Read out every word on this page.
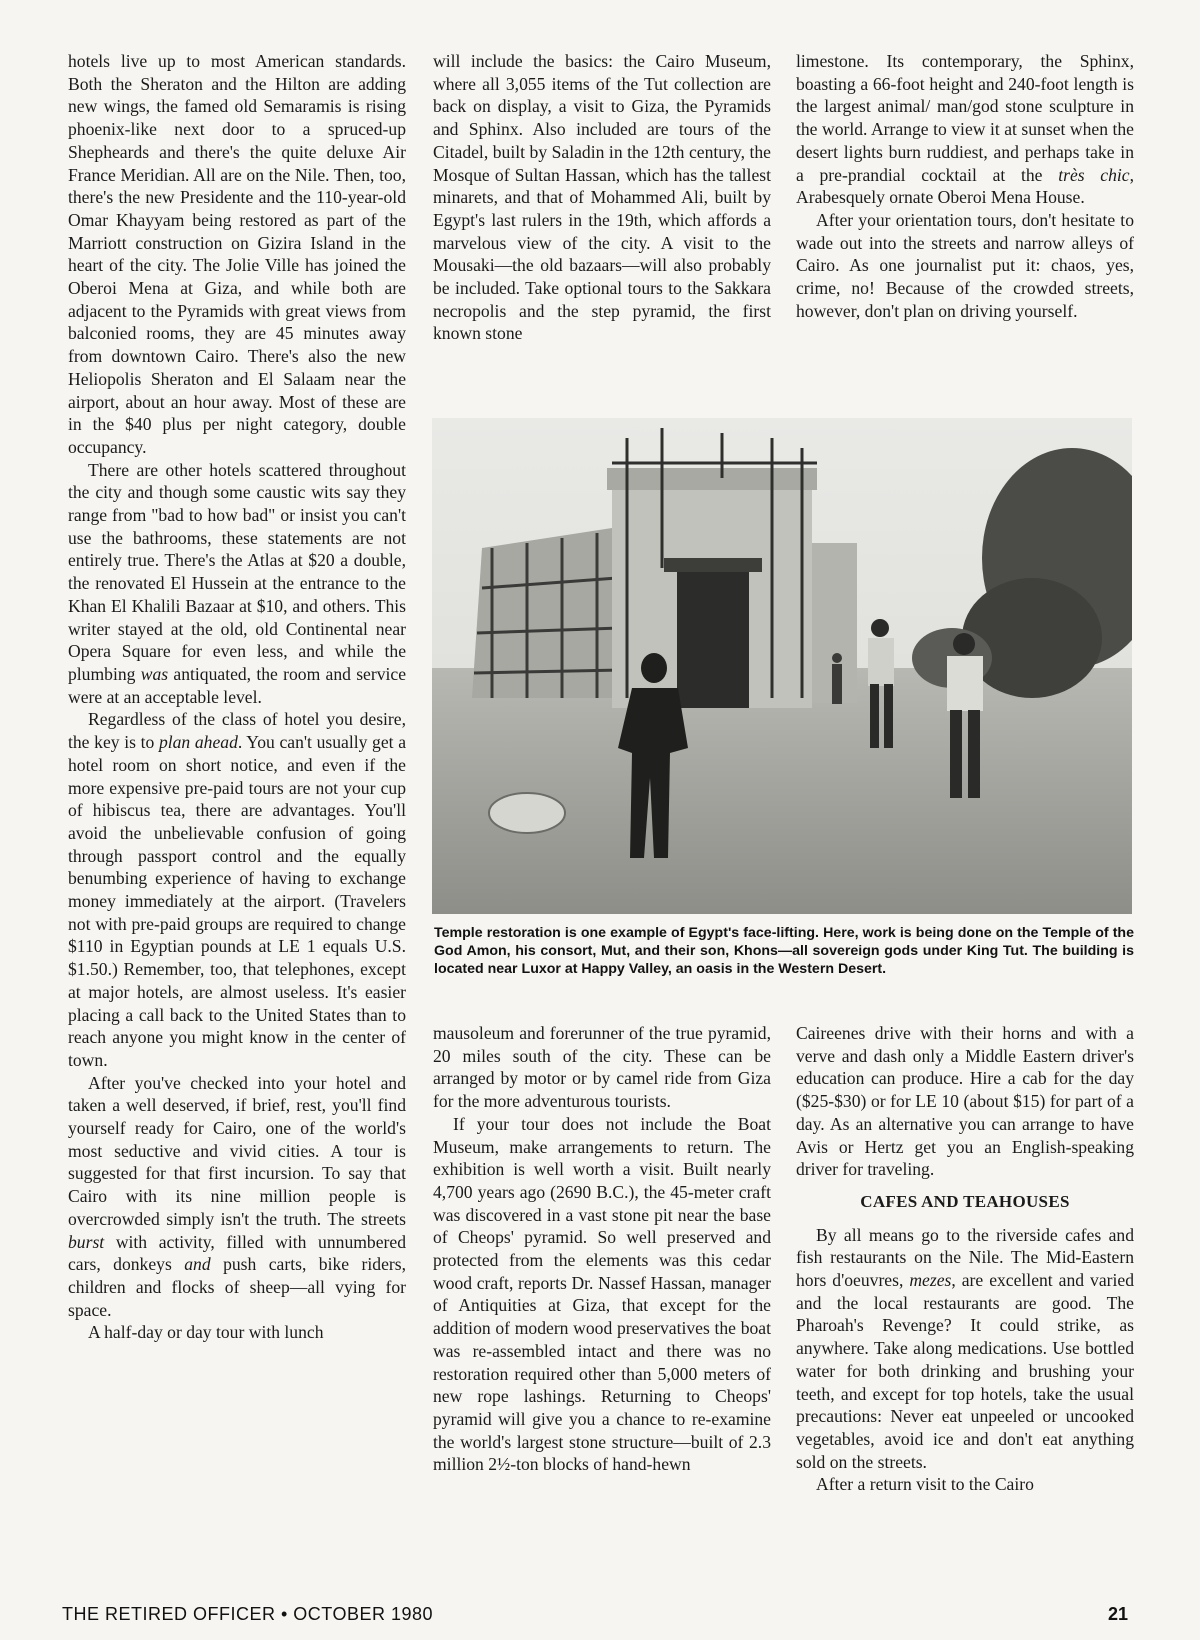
hotels live up to most American standards. Both the Sheraton and the Hilton are adding new wings, the famed old Semaramis is rising phoenix-like next door to a spruced-up Shepheards and there's the quite deluxe Air France Meridian. All are on the Nile. Then, too, there's the new Presidente and the 110-year-old Omar Khayyam being restored as part of the Marriott construction on Gizira Island in the heart of the city. The Jolie Ville has joined the Oberoi Mena at Giza, and while both are adjacent to the Pyramids with great views from balconied rooms, they are 45 minutes away from downtown Cairo. There's also the new Heliopolis Sheraton and El Salaam near the airport, about an hour away. Most of these are in the $40 plus per night category, double occupancy.

There are other hotels scattered throughout the city and though some caustic wits say they range from "bad to how bad" or insist you can't use the bathrooms, these statements are not entirely true. There's the Atlas at $20 a double, the renovated El Hussein at the entrance to the Khan El Khalili Bazaar at $10, and others. This writer stayed at the old, old Continental near Opera Square for even less, and while the plumbing was antiquated, the room and service were at an acceptable level.

Regardless of the class of hotel you desire, the key is to plan ahead. You can't usually get a hotel room on short notice, and even if the more expensive pre-paid tours are not your cup of hibiscus tea, there are advantages. You'll avoid the unbelievable confusion of going through passport control and the equally benumbing experience of having to exchange money immediately at the airport. (Travelers not with pre-paid groups are required to change $110 in Egyptian pounds at LE 1 equals U.S. $1.50.) Remember, too, that telephones, except at major hotels, are almost useless. It's easier placing a call back to the United States than to reach anyone you might know in the center of town.

After you've checked into your hotel and taken a well deserved, if brief, rest, you'll find yourself ready for Cairo, one of the world's most seductive and vivid cities. A tour is suggested for that first incursion. To say that Cairo with its nine million people is overcrowded simply isn't the truth. The streets burst with activity, filled with unnumbered cars, donkeys and push carts, bike riders, children and flocks of sheep—all vying for space.

A half-day or day tour with lunch

will include the basics: the Cairo Museum, where all 3,055 items of the Tut collection are back on display, a visit to Giza, the Pyramids and Sphinx. Also included are tours of the Citadel, built by Saladin in the 12th century, the Mosque of Sultan Hassan, which has the tallest minarets, and that of Mohammed Ali, built by Egypt's last rulers in the 19th, which affords a marvelous view of the city. A visit to the Mousaki—the old bazaars—will also probably be included. Take optional tours to the Sakkara necropolis and the step pyramid, the first known stone

limestone. Its contemporary, the Sphinx, boasting a 66-foot height and 240-foot length is the largest animal/ man/god stone sculpture in the world. Arrange to view it at sunset when the desert lights burn ruddiest, and perhaps take in a pre-prandial cocktail at the très chic, Arabesquely ornate Oberoi Mena House.

After your orientation tours, don't hesitate to wade out into the streets and narrow alleys of Cairo. As one journalist put it: chaos, yes, crime, no! Because of the crowded streets, however, don't plan on driving yourself.

Temple restoration is one example of Egypt's face-lifting. Here, work is being done on the Temple of the God Amon, his consort, Mut, and their son, Khons—all sovereign gods under King Tut. The building is located near Luxor at Happy Valley, an oasis in the Western Desert.

mausoleum and forerunner of the true pyramid, 20 miles south of the city. These can be arranged by motor or by camel ride from Giza for the more adventurous tourists.

If your tour does not include the Boat Museum, make arrangements to return. The exhibition is well worth a visit. Built nearly 4,700 years ago (2690 B.C.), the 45-meter craft was discovered in a vast stone pit near the base of Cheops' pyramid. So well preserved and protected from the elements was this cedar wood craft, reports Dr. Nassef Hassan, manager of Antiquities at Giza, that except for the addition of modern wood preservatives the boat was re-assembled intact and there was no restoration required other than 5,000 meters of new rope lashings. Returning to Cheops' pyramid will give you a chance to re-examine the world's largest stone structure—built of 2.3 million 2½-ton blocks of hand-hewn

Caireenes drive with their horns and with a verve and dash only a Middle Eastern driver's education can produce. Hire a cab for the day ($25-$30) or for LE 10 (about $15) for part of a day. As an alternative you can arrange to have Avis or Hertz get you an English-speaking driver for traveling.

CAFES AND TEAHOUSES

By all means go to the riverside cafes and fish restaurants on the Nile. The Mid-Eastern hors d'oeuvres, mezes, are excellent and varied and the local restaurants are good. The Pharoah's Revenge? It could strike, as anywhere. Take along medications. Use bottled water for both drinking and brushing your teeth, and except for top hotels, take the usual precautions: Never eat unpeeled or uncooked vegetables, avoid ice and don't eat anything sold on the streets.

After a return visit to the Cairo

THE RETIRED OFFICER • OCTOBER 1980	21
